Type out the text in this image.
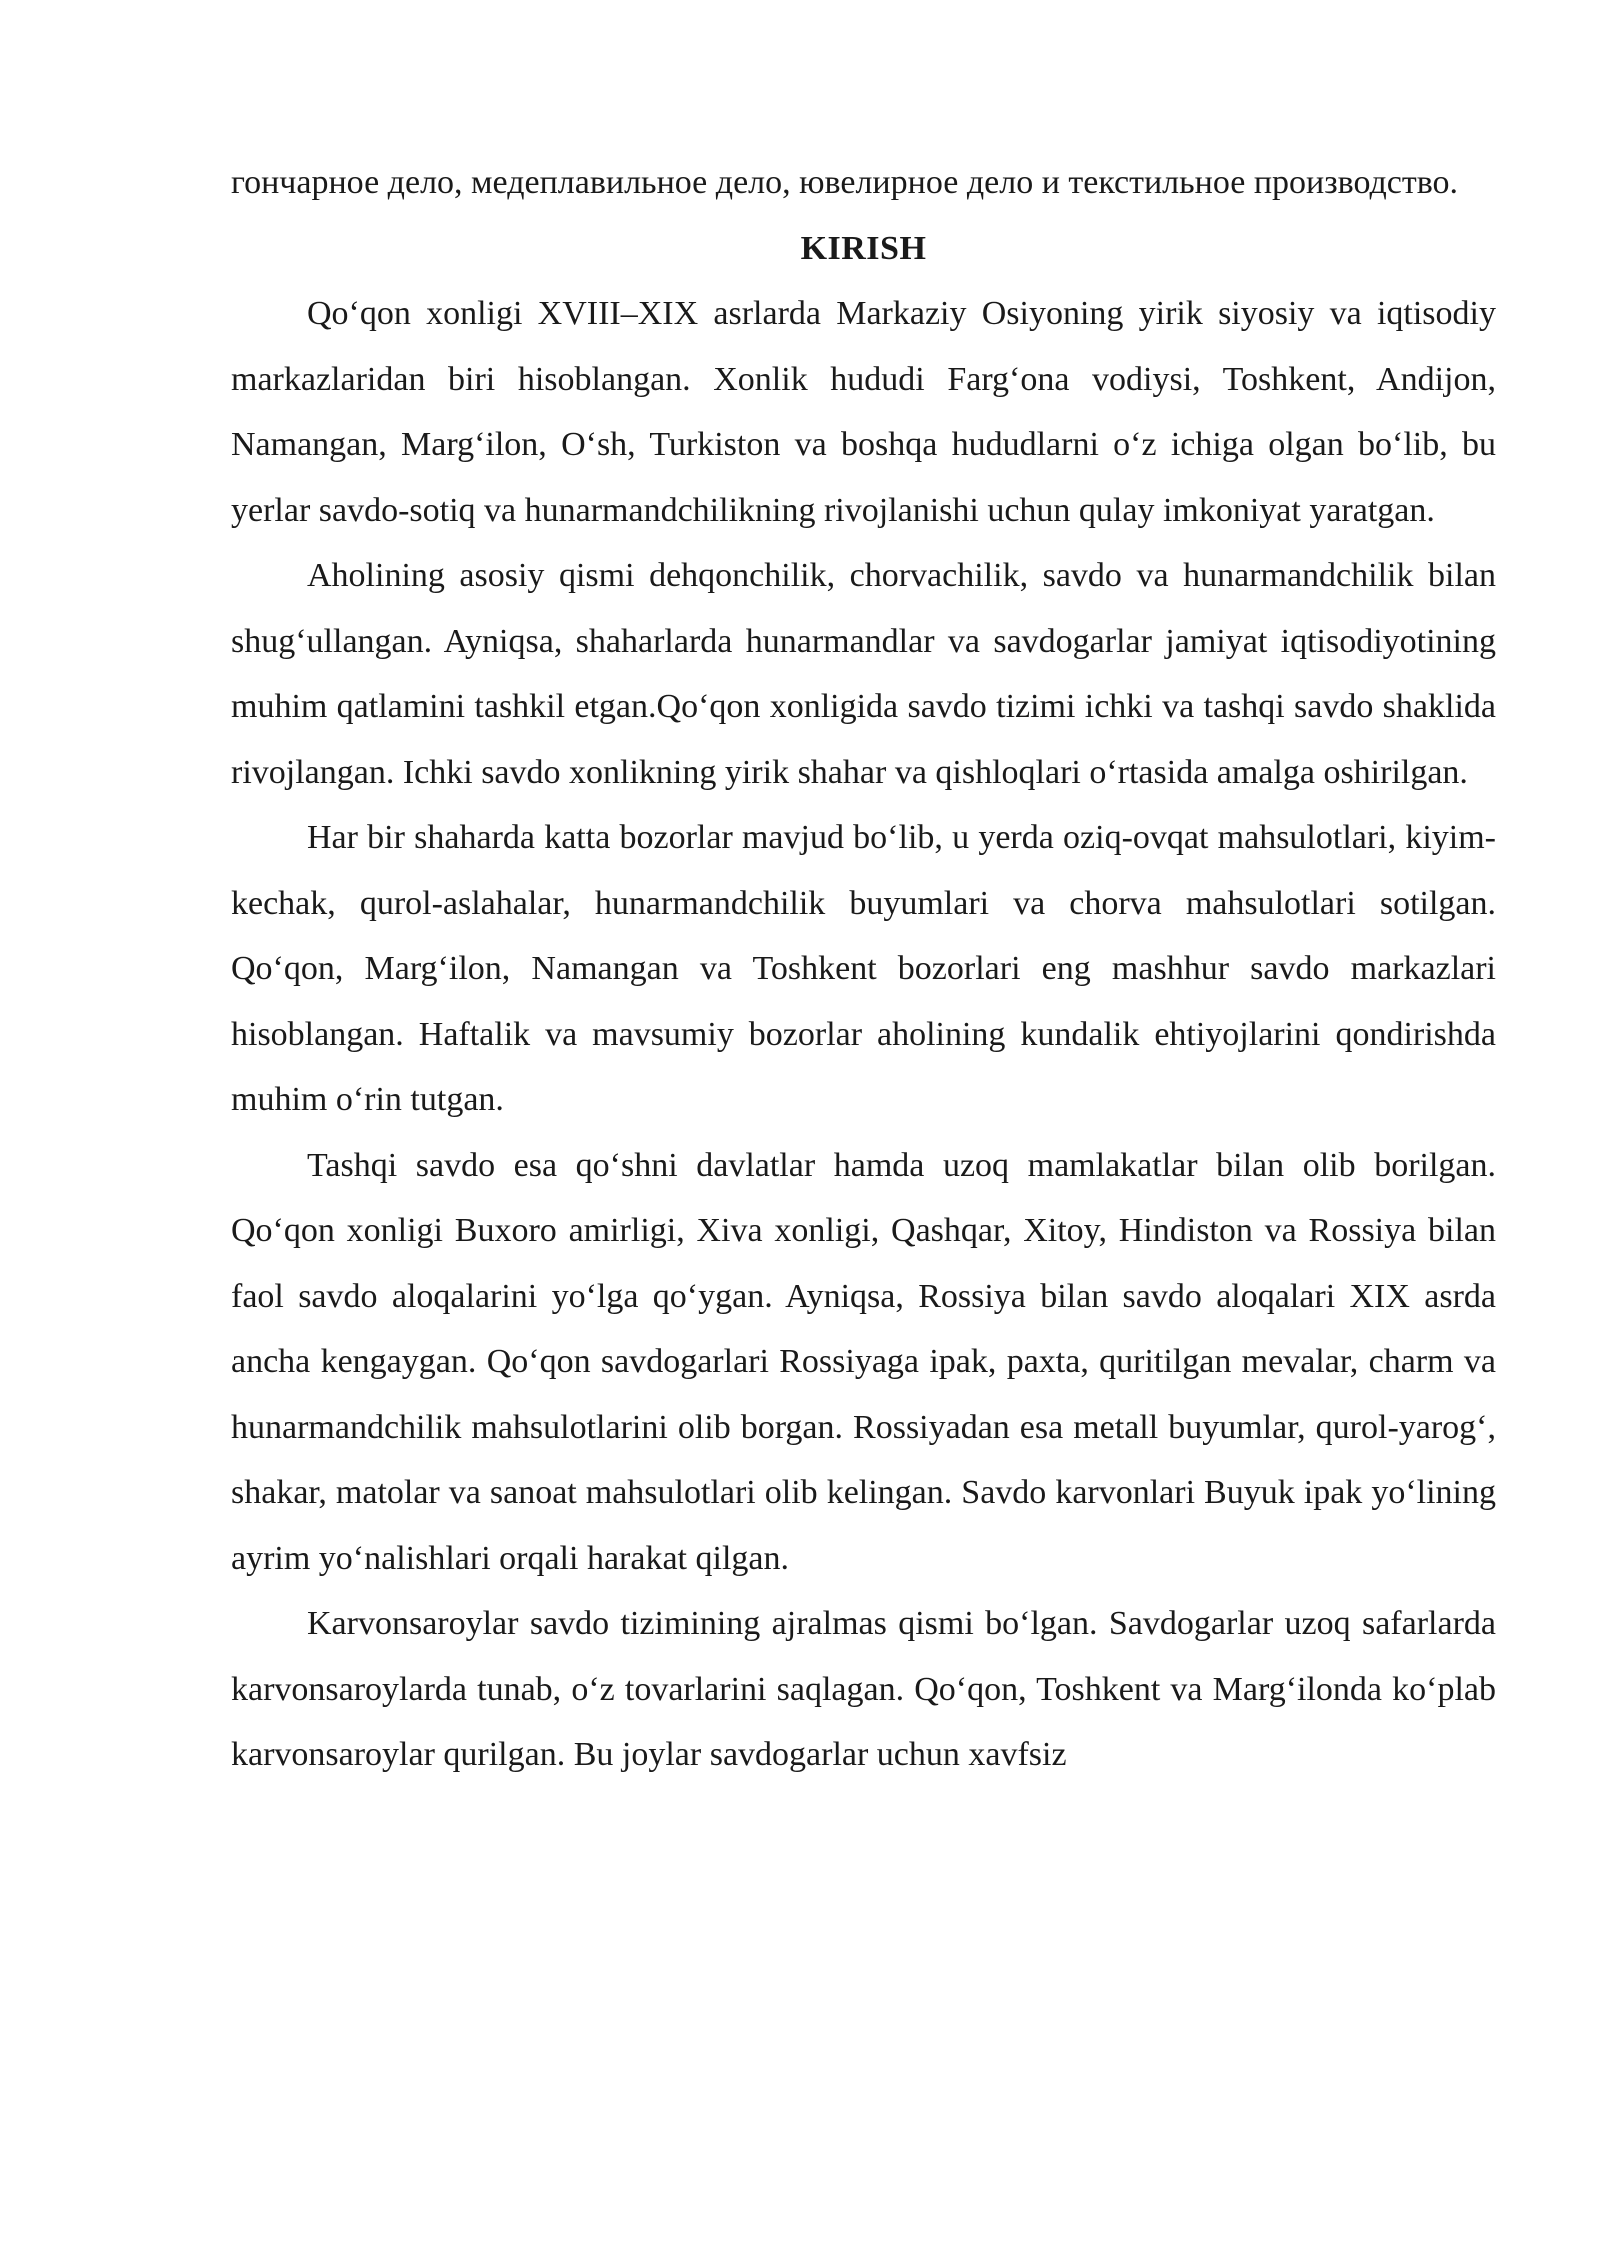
гончарное дело, медеплавильное дело, ювелирное дело и текстильное производство.

KIRISH

Qo‘qon xonligi XVIII–XIX asrlarda Markaziy Osiyoning yirik siyosiy va iqtisodiy markazlaridan biri hisoblangan. Xonlik hududi Farg‘ona vodiysi, Toshkent, Andijon, Namangan, Marg‘ilon, O‘sh, Turkiston va boshqa hududlarni o‘z ichiga olgan bo‘lib, bu yerlar savdo-sotiq va hunarmandchilikning rivojlanishi uchun qulay imkoniyat yaratgan.

Aholining asosiy qismi dehqonchilik, chorvachilik, savdo va hunarmandchilik bilan shug‘ullangan. Ayniqsa, shaharlarda hunarmandlar va savdogarlar jamiyat iqtisodiyotining muhim qatlamini tashkil etgan.Qo‘qon xonligida savdo tizimi ichki va tashqi savdo shaklida rivojlangan. Ichki savdo xonlikning yirik shahar va qishloqlari o‘rtasida amalga oshirilgan.

Har bir shaharda katta bozorlar mavjud bo‘lib, u yerda oziq-ovqat mahsulotlari, kiyim-kechak, qurol-aslahalar, hunarmandchilik buyumlari va chorva mahsulotlari sotilgan. Qo‘qon, Marg‘ilon, Namangan va Toshkent bozorlari eng mashhur savdo markazlari hisoblangan. Haftalik va mavsumiy bozorlar aholining kundalik ehtiyojlarini qondirishda muhim o‘rin tutgan.

Tashqi savdo esa qo‘shni davlatlar hamda uzoq mamlakatlar bilan olib borilgan. Qo‘qon xonligi Buxoro amirligi, Xiva xonligi, Qashqar, Xitoy, Hindiston va Rossiya bilan faol savdo aloqalarini yo‘lga qo‘ygan. Ayniqsa, Rossiya bilan savdo aloqalari XIX asrda ancha kengaygan. Qo‘qon savdogarlari Rossiyaga ipak, paxta, quritilgan mevalar, charm va hunarmandchilik mahsulotlarini olib borgan. Rossiyadan esa metall buyumlar, qurol-yarog‘, shakar, matolar va sanoat mahsulotlari olib kelingan. Savdo karvonlari Buyuk ipak yo‘lining ayrim yo‘nalishlari orqali harakat qilgan.

Karvonsaroylar savdo tizimining ajralmas qismi bo‘lgan. Savdogarlar uzoq safarlarda karvonsaroylarda tunab, o‘z tovarlarini saqlagan. Qo‘qon, Toshkent va Marg‘ilonda ko‘plab karvonsaroylar qurilgan. Bu joylar savdogarlar uchun xavfsiz
